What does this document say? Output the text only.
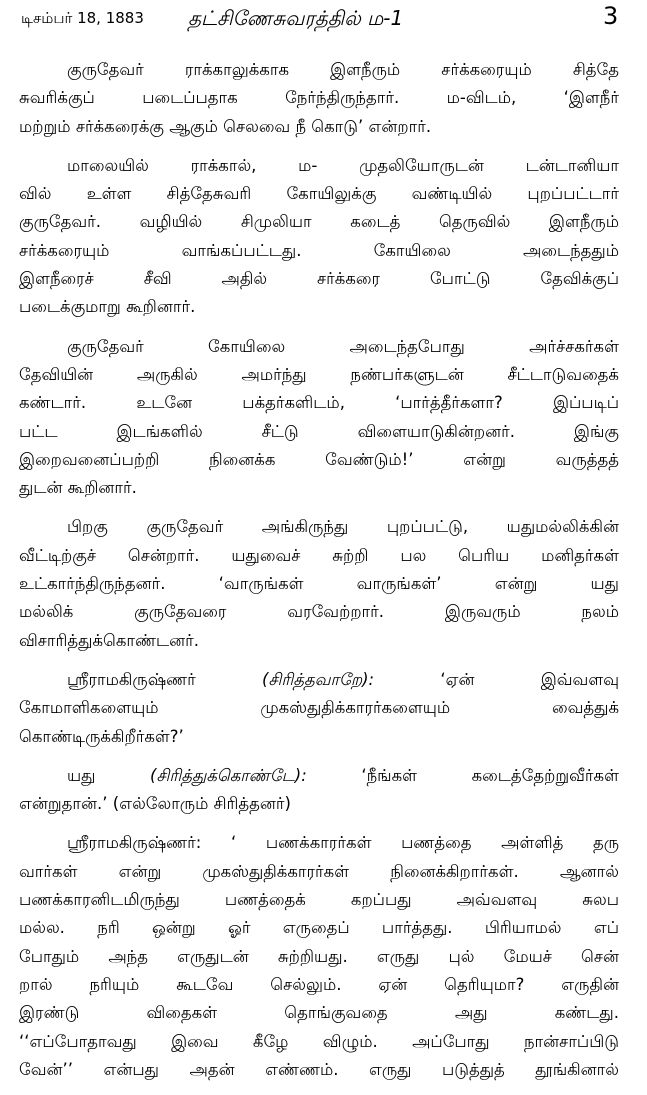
டிசம்பர் 18, 1883 தட்சிணேசுவரத்தில் ம-1	3
குருதேவர் ராக்காலுக்காக இளநீரும் சர்க்கரையும் சித்தே
சுவரிக்குப் படைப்பதாக நேர்ந்திருந்தார். ம-விடம், ‘இளநீர்
மற்றும் சர்க்கரைக்கு ஆகும் செலவை நீ கொடு’ என்றார்.
மாலையில் ராக்கால், ம- முதலியோருடன் டன்டானியா
வில் உள்ள சித்தேசுவரி கோயிலுக்கு வண்டியில் புறப்பட்டார்
குருதேவர். வழியில் சிமுலியா கடைத் தெருவில் இளநீரும்
சர்க்கரையும் வாங்கப்பட்டது. கோயிலை அடைந்ததும்
இளநீரைச் சீவி அதில் சர்க்கரை போட்டு தேவிக்குப்
படைக்குமாறு கூறினார்.
குருதேவர் கோயிலை அடைந்தபோது அர்ச்சகர்கள்
தேவியின் அருகில் அமர்ந்து நண்பர்களுடன் சீட்டாடுவதைக்
கண்டார். உடனே பக்தர்களிடம், ‘பார்த்தீர்களா? இப்படிப்
பட்ட இடங்களில் சீட்டு விளையாடுகின்றனர். இங்கு
இறைவனைப்பற்றி நினைக்க வேண்டும்!’ என்று வருத்தத்
துடன் கூறினார்.
பிறகு குருதேவர் அங்கிருந்து புறப்பட்டு, யதுமல்லிக்கின்
வீட்டிற்குச் சென்றார். யதுவைச் சுற்றி பல பெரிய மனிதர்கள்
உட்கார்ந்திருந்தனர். ‘வாருங்கள் வாருங்கள்’ என்று யது
மல்லிக் குருதேவரை வரவேற்றார். இருவரும் நலம்
விசாரித்துக்கொண்டனர்.
ஸ்ரீராமகிருஷ்ணர்	(சிரித்தவாறே):	‘ஏன் இவ்வளவு
கோமாளிகளையும் முகஸ்துதிக்காரர்களையும் வைத்துக்
கொண்டிருக்கிறீர்கள்?’
யது	(சிரித்துக்கொண்டே):	‘நீங்கள் கடைத்தேற்றுவீர்கள்
என்றுதான்.’ (எல்லோரும் சிரித்தனர்)
ஸ்ரீராமகிருஷ்ணர்: ‘ பணக்காரர்கள் பணத்தை அள்ளித் தரு
வார்கள் என்று முகஸ்துதிக்காரர்கள் நினைக்கிறார்கள். ஆனால்
பணக்காரனிடமிருந்து பணத்தைக் கறப்பது அவ்வளவு சுலப
மல்ல. நரி ஒன்று ஓர் எருதைப் பார்த்தது. பிரியாமல் எப்
போதும் அந்த எருதுடன் சுற்றியது. எருது புல் மேயச் சென்
றால் நரியும் கூடவே செல்லும். ஏன் தெரியுமா? எருதின்
இரண்டு விதைகள் தொங்குவதை அது கண்டது.
‘‘எப்போதாவது இவை கீழே விழும். அப்போது நான்சாப்பிடு
வேன்’’ என்பது அதன் எண்ணம். எருது படுத்துத் தூங்கினால்
